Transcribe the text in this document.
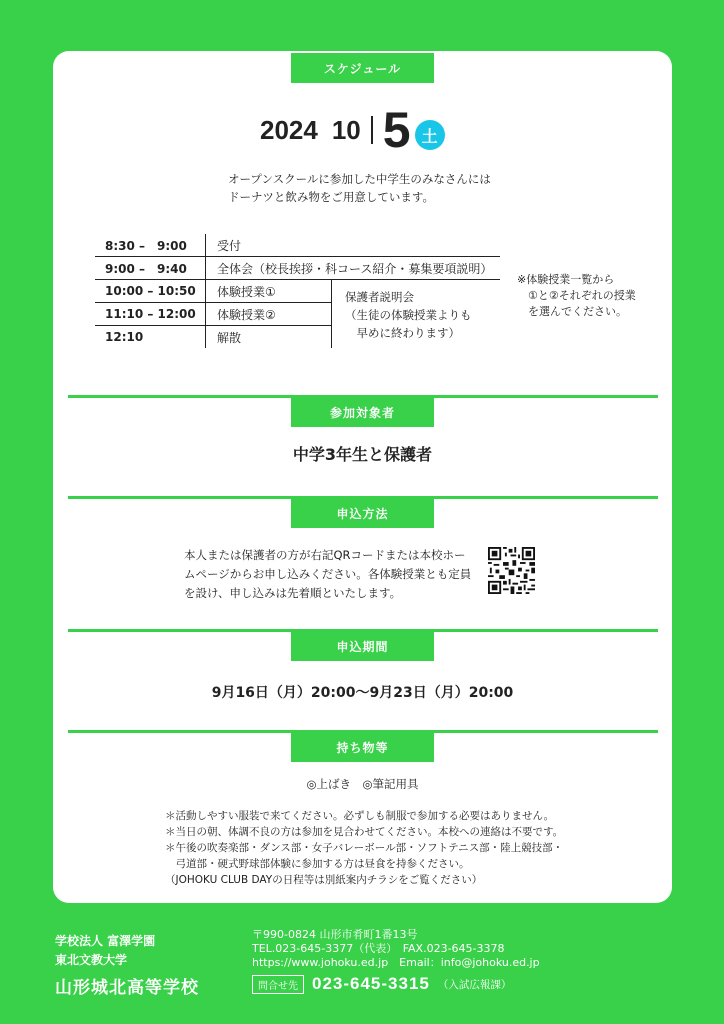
スケジュール
2024 10 5 土
オープンスクールに参加した中学生のみなさんには
ドーナツと飲み物をご用意しています。
8:30 –　9:00	受付
9:00 –　9:40	全体会（校長挨拶・科コース紹介・募集要項説明）
10:00 – 10:50	体験授業①
11:10 – 12:00	体験授業②
12:10	解散
保護者説明会
（生徒の体験授業よりも
　早めに終わります）
※体験授業一覧から
　①と②それぞれの授業
　を選んでください。
参加対象者
中学3年生と保護者
申込方法
本人または保護者の方が右記QRコードまたは本校ホー
ムページからお申し込みください。各体験授業とも定員
を設け、申し込みは先着順といたします。
申込期間
9月16日（月）20:00～9月23日（月）20:00
持ち物等
◎上ばき　◎筆記用具
＊活動しやすい服装で来てください。必ずしも制服で参加する必要はありません。
＊当日の朝、体調不良の方は参加を見合わせてください。本校への連絡は不要です。
＊午後の吹奏楽部・ダンス部・女子バレーボール部・ソフトテニス部・陸上競技部・
　弓道部・硬式野球部体験に参加する方は昼食を持参ください。
（JOHOKU CLUB DAYの日程等は別紙案内チラシをご覧ください）
学校法人 富澤学園
東北文教大学
山形城北高等学校
〒990-0824 山形市肴町1番13号
TEL.023-645-3377（代表）　FAX.023-645-3378
https://www.johoku.ed.jp　Email：info@johoku.ed.jp
問合せ先 023-645-3315 （入試広報課）
